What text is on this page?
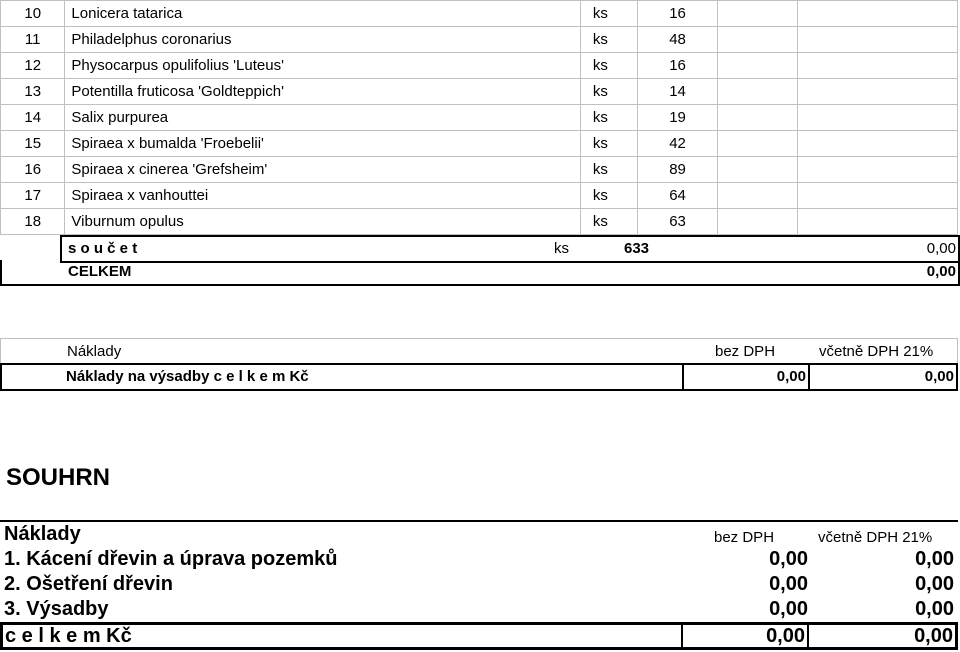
10	Lonicera tatarica	ks	16		
11	Philadelphus coronarius	ks	48		
12	Physocarpus opulifolius 'Luteus'	ks	16		
13	Potentilla fruticosa 'Goldteppich'	ks	14		
14	Salix purpurea	ks	19		
15	Spiraea x bumalda 'Froebelii'	ks	42		
16	Spiraea x cinerea 'Grefsheim'	ks	89		
17	Spiraea x vanhouttei	ks	64		
18	Viburnum opulus	ks	63		
s o u č e t	ks	633	0,00
CELKEM	0,00
Náklady	bez DPH	včetně DPH 21%
Náklady na výsadby c e l k e m Kč	0,00	0,00
SOUHRN
Náklady	bez DPH	včetně DPH 21%
1. Kácení dřevin a úprava pozemků	0,00	0,00
2. Ošetření dřevin	0,00	0,00
3. Výsadby	0,00	0,00
c e l k e m Kč	0,00	0,00
